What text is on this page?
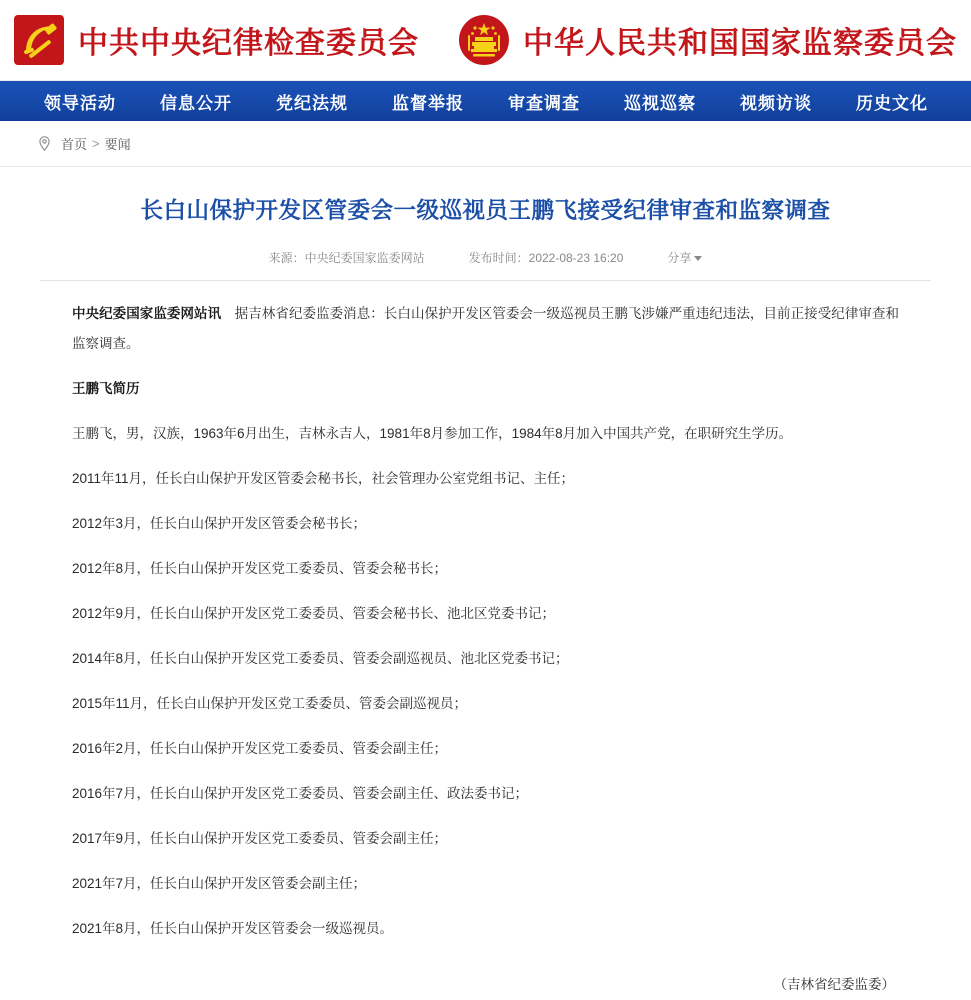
中共中央纪律检查委员会	中华人民共和国国家监察委员会
领导活动	信息公开	党纪法规	监督举报	审查调查	巡视巡察	视频访谈	历史文化
首页 > 要闻
长白山保护开发区管委会一级巡视员王鹏飞接受纪律审查和监察调查
来源：中央纪委国家监委网站	发布时间：2022-08-23 16:20	分享

中央纪委国家监委网站讯　据吉林省纪委监委消息：长白山保护开发区管委会一级巡视员王鹏飞涉嫌严重违纪违法，目前正接受纪律审查和监察调查。

王鹏飞简历

王鹏飞，男，汉族，1963年6月出生，吉林永吉人，1981年8月参加工作，1984年8月加入中国共产党，在职研究生学历。

2011年11月，任长白山保护开发区管委会秘书长，社会管理办公室党组书记、主任；

2012年3月，任长白山保护开发区管委会秘书长；

2012年8月，任长白山保护开发区党工委委员、管委会秘书长；

2012年9月，任长白山保护开发区党工委委员、管委会秘书长、池北区党委书记；

2014年8月，任长白山保护开发区党工委委员、管委会副巡视员、池北区党委书记；

2015年11月，任长白山保护开发区党工委委员、管委会副巡视员；

2016年2月，任长白山保护开发区党工委委员、管委会副主任；

2016年7月，任长白山保护开发区党工委委员、管委会副主任、政法委书记；

2017年9月，任长白山保护开发区党工委委员、管委会副主任；

2021年7月，任长白山保护开发区管委会副主任；

2021年8月，任长白山保护开发区管委会一级巡视员。

（吉林省纪委监委）
